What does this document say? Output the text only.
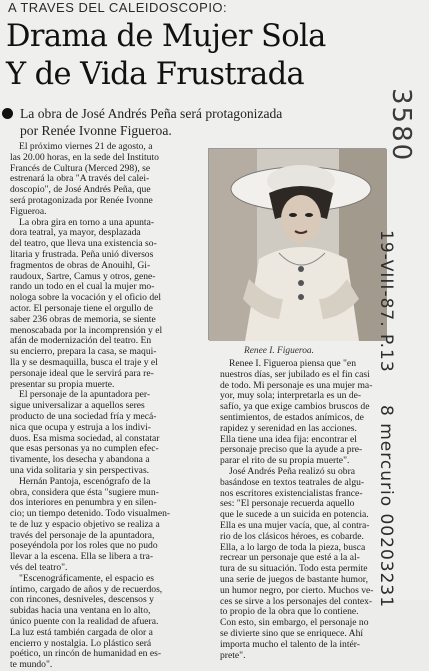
A TRAVES DEL CALEIDOSCOPIO:
Drama de Mujer Sola
Y de Vida Frustrada
La obra de José Andrés Peña será protagonizada
por Renée Ivonne Figueroa.
El próximo viernes 21 de agosto, a
las 20.00 horas, en la sede del Instituto
Francés de Cultura (Merced 298), se
estrenará la obra "A través del calei-
doscopio", de José Andrés Peña, que
será protagonizada por Renée Ivonne
Figueroa.
La obra gira en torno a una apunta-
dora teatral, ya mayor, desplazada
del teatro, que lleva una existencia so-
litaria y frustrada. Peña unió diversos
fragmentos de obras de Anouihl, Gi-
raudoux, Sartre, Camus y otros, gene-
rando un todo en el cual la mujer mo-
nologa sobre la vocación y el oficio del
actor. El personaje tiene el orgullo de
saber 236 obras de memoria, se siente
menoscabada por la incomprensión y el
afán de modernización del teatro. En
su encierro, prepara la casa, se maqui-
lla y se desmaquilla, busca el traje y el
personaje ideal que le servirá para re-
presentar su propia muerte.
El personaje de la apuntadora per-
sigue universalizar a aquellos seres
producto de una sociedad fría y mecá-
nica que ocupa y estruja a los indivi-
duos. Esa misma sociedad, al constatar
que esas personas ya no cumplen efec-
tivamente, los desecha y abandona a
una vida solitaria y sin perspectivas.
Hernán Pantoja, escenógrafo de la
obra, considera que ésta "sugiere mun-
dos interiores en penumbra y en silen-
cio; un tiempo detenido. Todo visualmen-
te de luz y espacio objetivo se realiza a
través del personaje de la apuntadora,
poseyéndola por los roles que no pudo
llevar a la escena. Ella se libera a tra-
vés del teatro".
"Escenográficamente, el espacio es
íntimo, cargado de años y de recuerdos,
con rincones, desniveles, descensos y
subidas hacia una ventana en lo alto,
único puente con la realidad de afuera.
La luz está también cargada de olor a
encierro y nostalgia. Lo plástico será
poético, un rincón de humanidad en es-
te mundo".
Renee I. Figueroa.
Renee I. Figueroa piensa que "en
nuestros días, ser jubilado es el fin casi
de todo. Mi personaje es una mujer ma-
yor, muy sola; interpretarla es un de-
safío, ya que exige cambios bruscos de
sentimientos, de estados anímicos, de
rapidez y serenidad en las acciones.
Ella tiene una idea fija: encontrar el
personaje preciso que la ayude a pre-
parar el rito de su propia muerte".
José Andrés Peña realizó su obra
basándose en textos teatrales de algu-
nos escritores existencialistas france-
ses: "El personaje recuerda aquello
que le sucede a un suicida en potencia.
Ella es una mujer vacía, que, al contra-
rio de los clásicos héroes, es cobarde.
Ella, a lo largo de toda la pieza, busca
recrear un personaje que esté a la al-
tura de su situación. Todo esta permite
una serie de juegos de bastante humor,
un humor negro, por cierto. Muchos ve-
ces se sirve a los personajes del contex-
to propio de la obra que lo contiene.
Con esto, sin embargo, el personaje no
se divierte sino que se enriquece. Ahí
importa mucho el talento de la intér-
prete".
3580
19-VIII-87. P.13
8 mercurio 00203231
